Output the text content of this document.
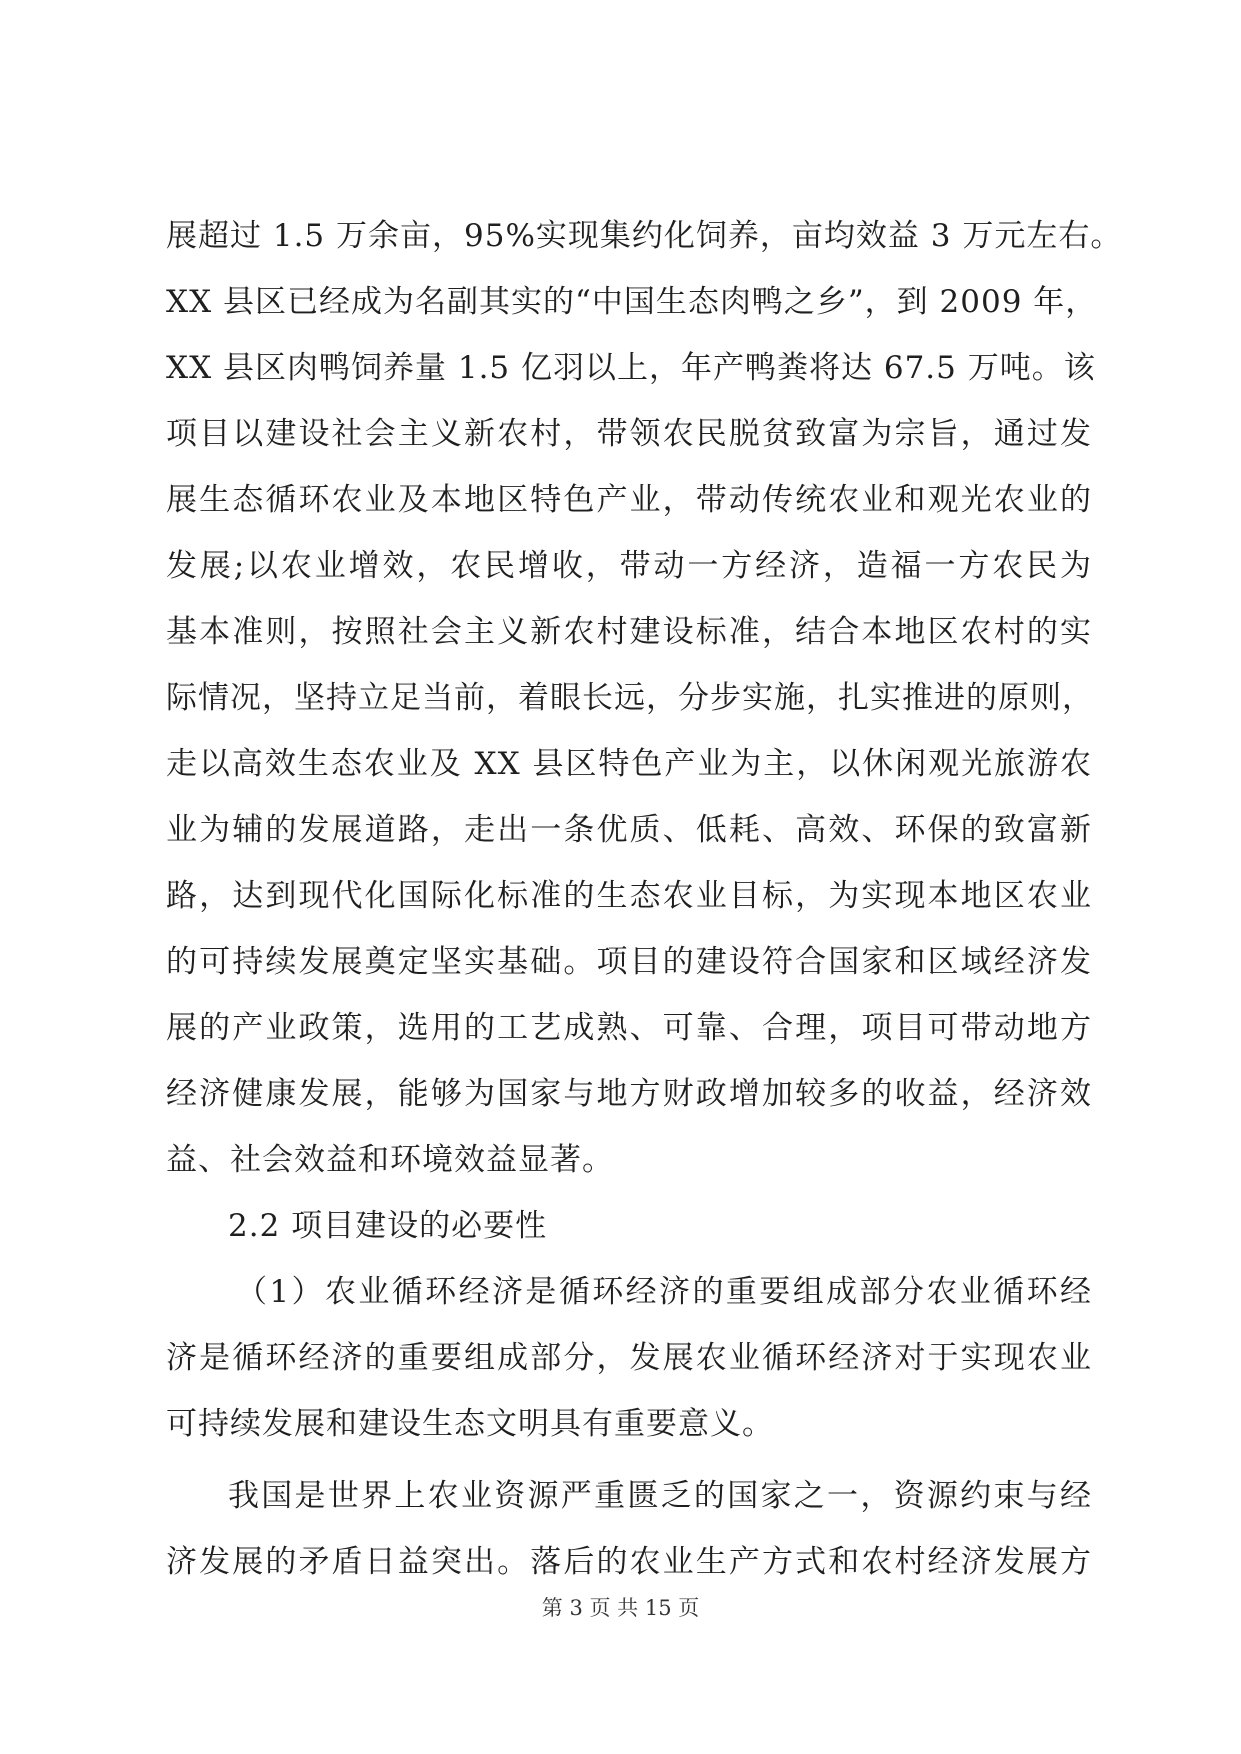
展超过 1.5 万余亩，95%实现集约化饲养，亩均效益 3 万元左右。
XX 县区已经成为名副其实的“中国生态肉鸭之乡”，到 2009 年，
XX 县区肉鸭饲养量 1.5 亿羽以上，年产鸭粪将达 67.5 万吨。该
项目以建设社会主义新农村，带领农民脱贫致富为宗旨，通过发
展生态循环农业及本地区特色产业，带动传统农业和观光农业的
发展;以农业增效，农民增收，带动一方经济，造福一方农民为
基本准则，按照社会主义新农村建设标准，结合本地区农村的实
际情况，坚持立足当前，着眼长远，分步实施，扎实推进的原则，
走以高效生态农业及 XX 县区特色产业为主，以休闲观光旅游农
业为辅的发展道路，走出一条优质、低耗、高效、环保的致富新
路，达到现代化国际化标准的生态农业目标，为实现本地区农业
的可持续发展奠定坚实基础。项目的建设符合国家和区域经济发
展的产业政策，选用的工艺成熟、可靠、合理，项目可带动地方
经济健康发展，能够为国家与地方财政增加较多的收益，经济效
益、社会效益和环境效益显著。
2.2 项目建设的必要性
（1）农业循环经济是循环经济的重要组成部分农业循环经
济是循环经济的重要组成部分，发展农业循环经济对于实现农业
可持续发展和建设生态文明具有重要意义。
我国是世界上农业资源严重匮乏的国家之一，资源约束与经
济发展的矛盾日益突出。落后的农业生产方式和农村经济发展方
第 3 页 共 15 页
